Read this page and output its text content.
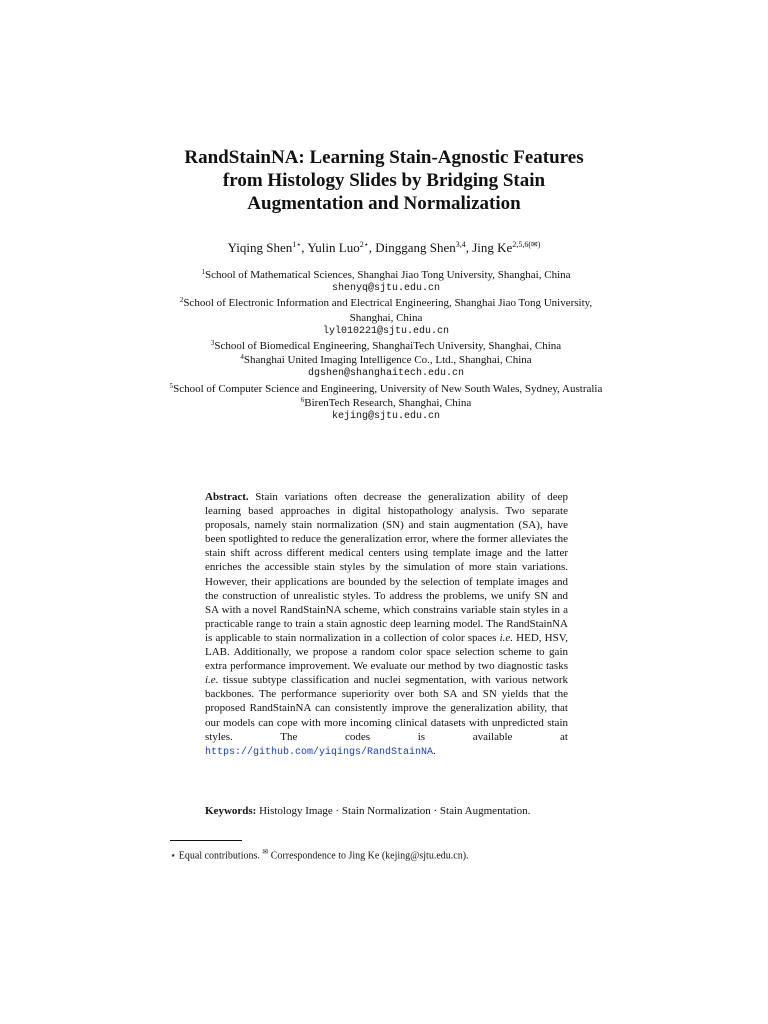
RandStainNA: Learning Stain-Agnostic Features
from Histology Slides by Bridging Stain
Augmentation and Normalization
Yiqing Shen$^{1⋆}$, Yulin Luo$^{2⋆}$, Dinggang Shen$^{3,4}$, Jing $Ke^{2,5,6(✉)}$
$^1$School of Mathematical Sciences, Shanghai Jiao Tong University, Shanghai, China
shenyq@sjtu.edu.cn
$^2$School of Electronic Information and Electrical Engineering, Shanghai Jiao Tong University, Shanghai, China
lyl010221@sjtu.edu.cn
$^3$School of Biomedical Engineering, ShanghaiTech University, Shanghai, China
$^4$Shanghai United Imaging Intelligence Co., Ltd., Shanghai, China
dgshen@shanghaitech.edu.cn
$^5$School of Computer Science and Engineering, University of New South Wales, Sydney, Australia
$^6$BirenTech Research, Shanghai, China
kejing@sjtu.edu.cn
Abstract. Stain variations often decrease the generalization ability of deep learning based approaches in digital histopathology analysis. Two separate proposals, namely stain normalization (SN) and stain augmentation (SA), have been spotlighted to reduce the generalization error, where the former alleviates the stain shift across different medical centers using template image and the latter enriches the accessible stain styles by the simulation of more stain variations. However, their applications are bounded by the selection of template images and the construction of unrealistic styles. To address the problems, we unify SN and SA with a novel RandStainNA scheme, which constrains variable stain styles in a practicable range to train a stain agnostic deep learning model. The RandStainNA is applicable to stain normalization in a collection of color spaces i.e. HED, HSV, LAB. Additionally, we propose a random color space selection scheme to gain extra performance improvement. We evaluate our method by two diagnostic tasks i.e. tissue subtype classification and nuclei segmentation, with various network backbones. The performance superiority over both SA and SN yields that the proposed RandStainNA can consistently improve the generalization ability, that our models can cope with more incoming clinical datasets with unpredicted stain styles. The codes is available at https://github.com/yiqings/RandStainNA.
Keywords: Histology Image · Stain Normalization · Stain Augmentation.
⋆ Equal contributions. ✉ Correspondence to Jing Ke (kejing@sjtu.edu.cn).
